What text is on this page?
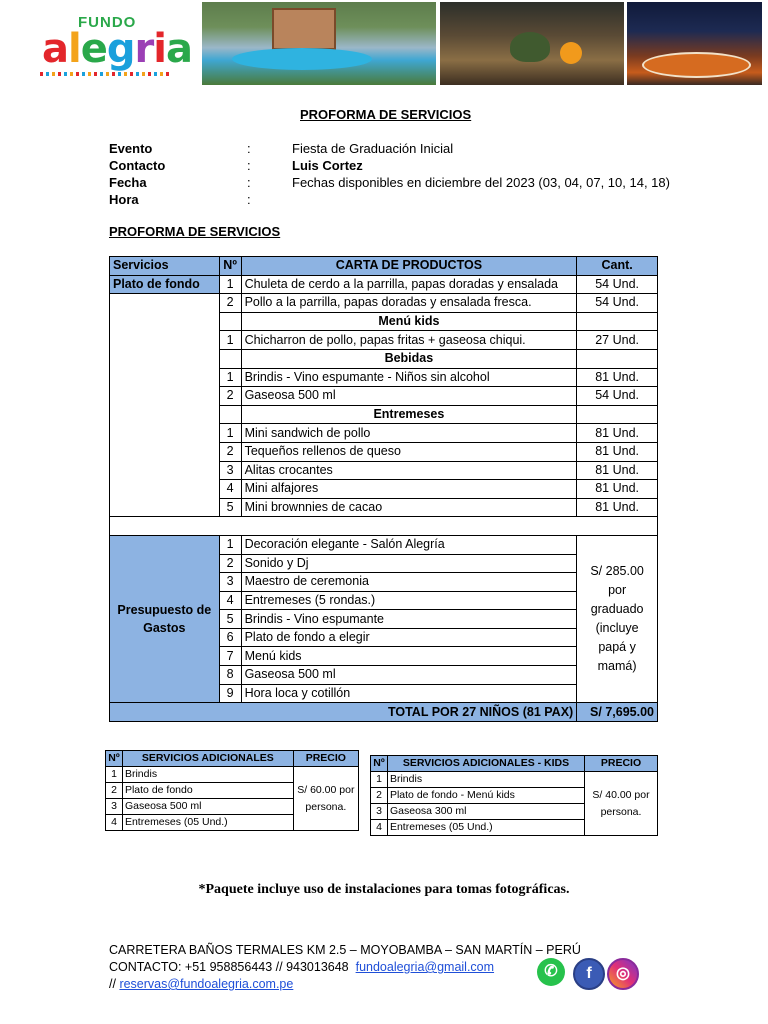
FUNDO
alegria
PROFORMA DE SERVICIOS
Evento	:	Fiesta de Graduación Inicial
Contacto	:	Luis Cortez
Fecha	:	Fechas disponibles en diciembre del 2023 (03, 04, 07, 10, 14, 18)
Hora	:
PROFORMA DE SERVICIOS
Servicios	Nº	CARTA DE PRODUCTOS	Cant.
Plato de fondo	1	Chuleta de cerdo a la parrilla, papas doradas y ensalada	54 Und.
	2	Pollo a la parrilla, papas doradas y ensalada fresca.	54 Und.
		Menú kids	
	1	Chicharron de pollo, papas fritas + gaseosa chiqui.	27 Und.
		Bebidas	
	1	Brindis - Vino espumante - Niños sin alcohol	81 Und.
	2	Gaseosa 500 ml	54 Und.
		Entremeses	
	1	Mini sandwich de pollo	81 Und.
	2	Tequeños rellenos de queso	81 Und.
	3	Alitas crocantes	81 Und.
	4	Mini alfajores	81 Und.
	5	Mini brownnies de cacao	81 Und.

Presupuesto de Gastos	1	Decoración elegante - Salón Alegría	S/ 285.00 por graduado (incluye papá y mamá)
	2	Sonido y Dj	
	3	Maestro de ceremonia	
	4	Entremeses (5 rondas.)	
	5	Brindis - Vino espumante	
	6	Plato de fondo a elegir	
	7	Menú kids	
	8	Gaseosa 500 ml	
	9	Hora loca y cotillón	
TOTAL POR 27 NIÑOS (81 PAX)			S/ 7,695.00
Nº	SERVICIOS ADICIONALES	PRECIO
1	Brindis	S/ 60.00 por persona.
2	Plato de fondo	
3	Gaseosa 500 ml	
4	Entremeses (05 Und.)	
Nº	SERVICIOS ADICIONALES - KIDS	PRECIO
1	Brindis	S/ 40.00 por persona.
2	Plato de fondo - Menú kids	
3	Gaseosa 300 ml	
4	Entremeses (05 Und.)	
*Paquete incluye uso de instalaciones para tomas fotográficas.
CARRETERA BAÑOS TERMALES KM 2.5 – MOYOBAMBA – SAN MARTÍN – PERÚ
CONTACTO: +51 958856443 // 943013648 fundoalegria@gmail.com
// reservas@fundoalegria.com.pe
✆	f	◎
